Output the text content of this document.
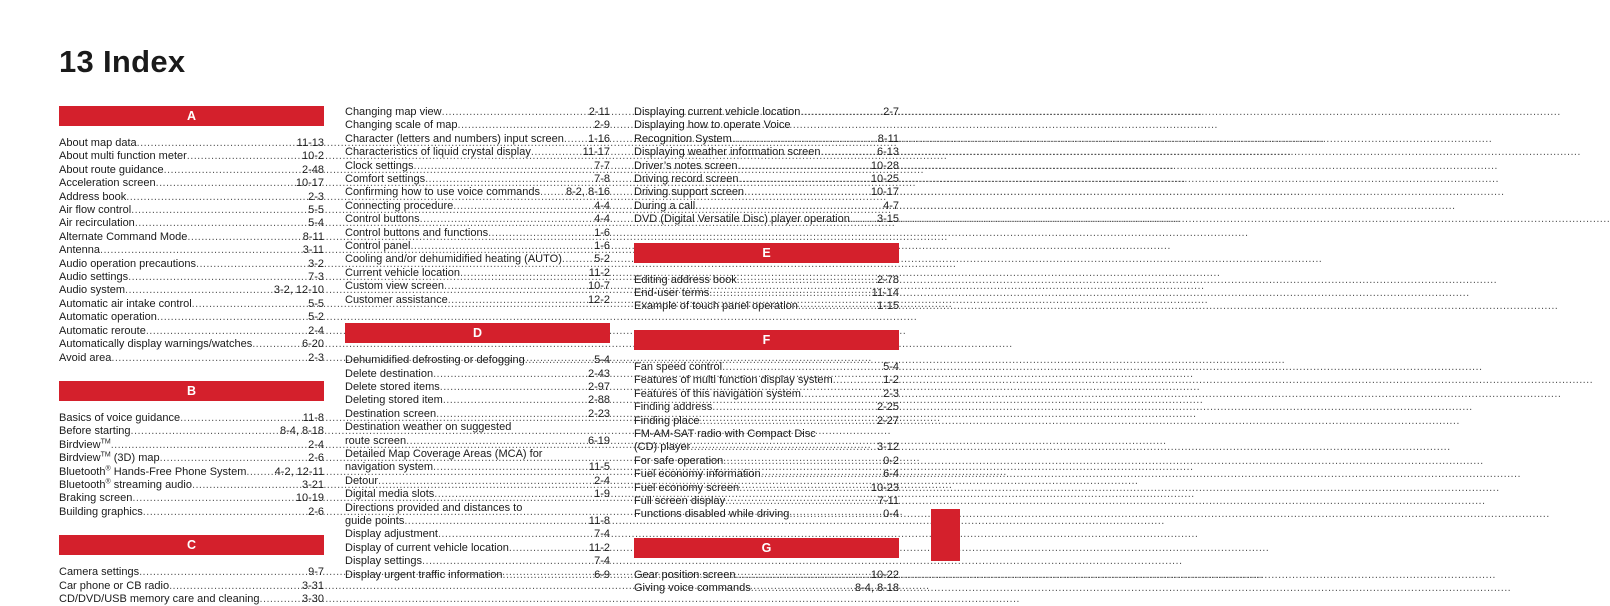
13 Index
A
About map data .....	11-13
About multi function meter .....	10-2
About route guidance .....	2-48
Acceleration screen .....	10-17
Address book .....	2-3
Air flow control .....	5-5
Air recirculation .....	5-4
Alternate Command Mode .....	8-11
Antenna .....	3-11
Audio operation precautions .....	3-2
Audio settings .....	7-3
Audio system .....	3-2, 12-10
Automatic air intake control .....	5-5
Automatic operation .....	5-2
Automatic reroute .....	2-4
Automatically display warnings/watches .....	6-20
Avoid area .....	2-3
B
Basics of voice guidance .....	11-8
Before starting .....	8-4, 8-18
Birdview™ .....	2-4
Birdview™ (3D) map .....	2-6
Bluetooth® Hands-Free Phone System .....	4-2, 12-11
Bluetooth® streaming audio .....	3-21
Braking screen .....	10-19
Building graphics .....	2-6
C
Camera settings .....	9-7
Car phone or CB radio .....	3-31
CD/DVD/USB memory care and cleaning .....	3-30
Changing map view .....	2-11
Changing scale of map .....	2-9
Character (letters and numbers) input screen ..... 1-16
Characteristics of liquid crystal display .....	11-17
Clock settings .....	7-7
Comfort settings .....	7-8
Confirming how to use voice commands ..... 8-2, 8-16
Connecting procedure .....	4-4
Control buttons .....	4-4
Control buttons and functions .....	1-6
Control panel .....	1-6
Cooling and/or dehumidified heating (AUTO) .....	5-2
Current vehicle location .....	11-2
Custom view screen .....	10-7
Customer assistance .....	12-2
D
Dehumidified defrosting or defogging .....	5-4
Delete destination .....	2-43
Delete stored items .....	2-97
Deleting stored item .....	2-88
Destination screen .....	2-23
Destination weather on suggested
route screen .....	6-19
Detailed Map Coverage Areas (MCA) for
navigation system .....	11-5
Detour .....	2-4
Digital media slots .....	1-9
Directions provided and distances to
guide points .....	11-8
Display adjustment .....	7-4
Display of current vehicle location .....	11-2
Display settings .....	7-4
Display urgent traffic information .....	6-9
Displaying current vehicle location .....	2-7
Displaying how to operate Voice
Recognition System .....	8-11
Displaying weather information screen .....	6-13
Driver’s notes screen .....	10-28
Driving record screen .....	10-25
Driving support screen .....	10-17
During a call .....	4-7
DVD (Digital Versatile Disc) player operation ..... 3-15
E
Editing address book .....	2-78
End-user terms .....	11-14
Example of touch panel operation .....	1-15
F
Fan speed control .....	5-4
Features of multi function display system .....	1-2
Features of this navigation system .....	2-3
Finding address .....	2-25
Finding place .....	2-27
FM-AM-SAT radio with Compact Disc
(CD) player .....	3-12
For safe operation .....	0-2
Fuel economy information .....	6-4
Fuel economy screen .....	10-23
Full screen display .....	7-11
Functions disabled while driving .....	0-4
G
Gear position screen .....	10-22
Giving voice commands .....	8-4, 8-18
